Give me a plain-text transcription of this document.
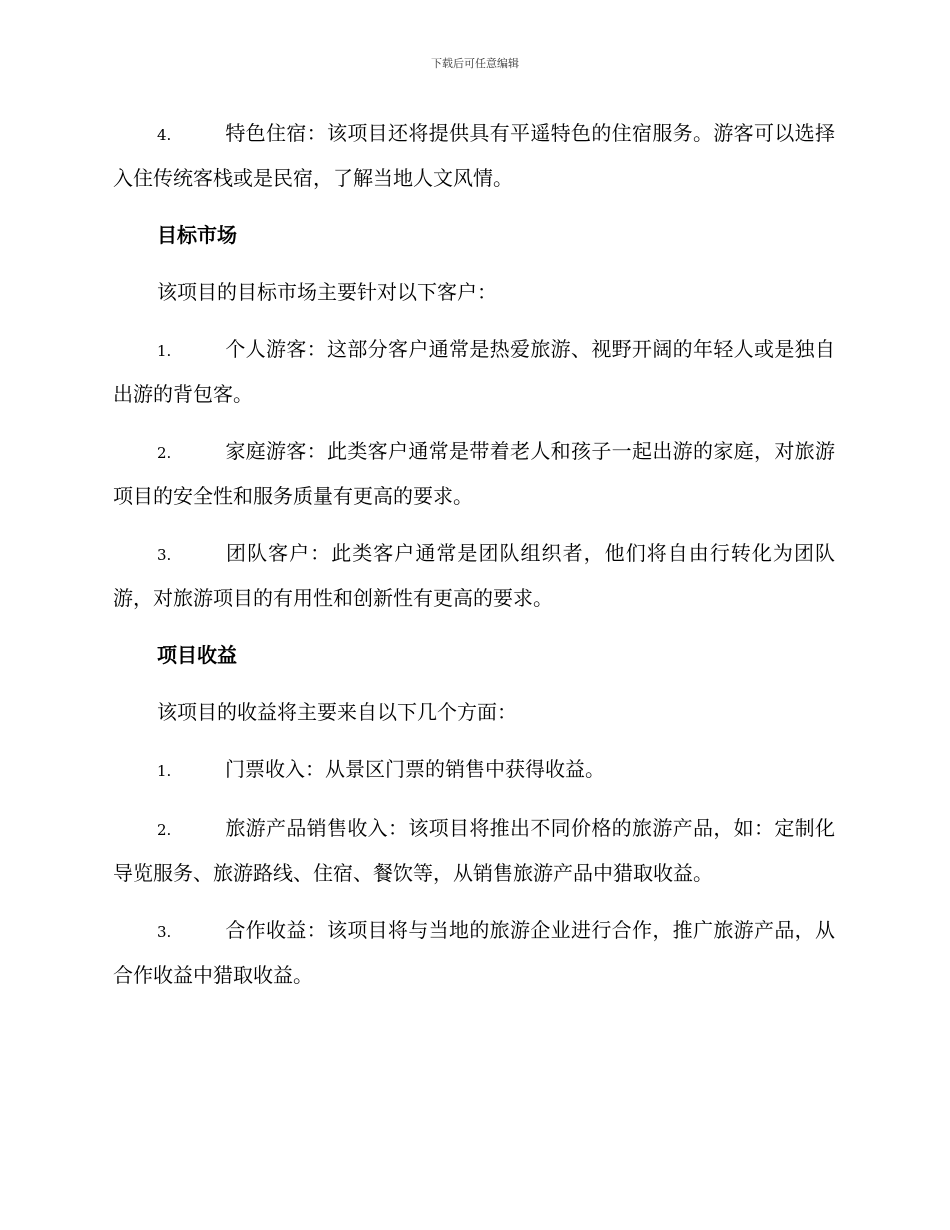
下载后可任意编辑

4.	特色住宿：该项目还将提供具有平遥特色的住宿服务。游客可以选择入住传统客栈或是民宿，了解当地人文风情。

目标市场

该项目的目标市场主要针对以下客户：

1.	个人游客：这部分客户通常是热爱旅游、视野开阔的年轻人或是独自出游的背包客。

2.	家庭游客：此类客户通常是带着老人和孩子一起出游的家庭，对旅游项目的安全性和服务质量有更高的要求。

3.	团队客户：此类客户通常是团队组织者，他们将自由行转化为团队游，对旅游项目的有用性和创新性有更高的要求。

项目收益

该项目的收益将主要来自以下几个方面：

1.	门票收入：从景区门票的销售中获得收益。

2.	旅游产品销售收入：该项目将推出不同价格的旅游产品，如：定制化导览服务、旅游路线、住宿、餐饮等，从销售旅游产品中猎取收益。

3.	合作收益：该项目将与当地的旅游企业进行合作，推广旅游产品，从合作收益中猎取收益。
